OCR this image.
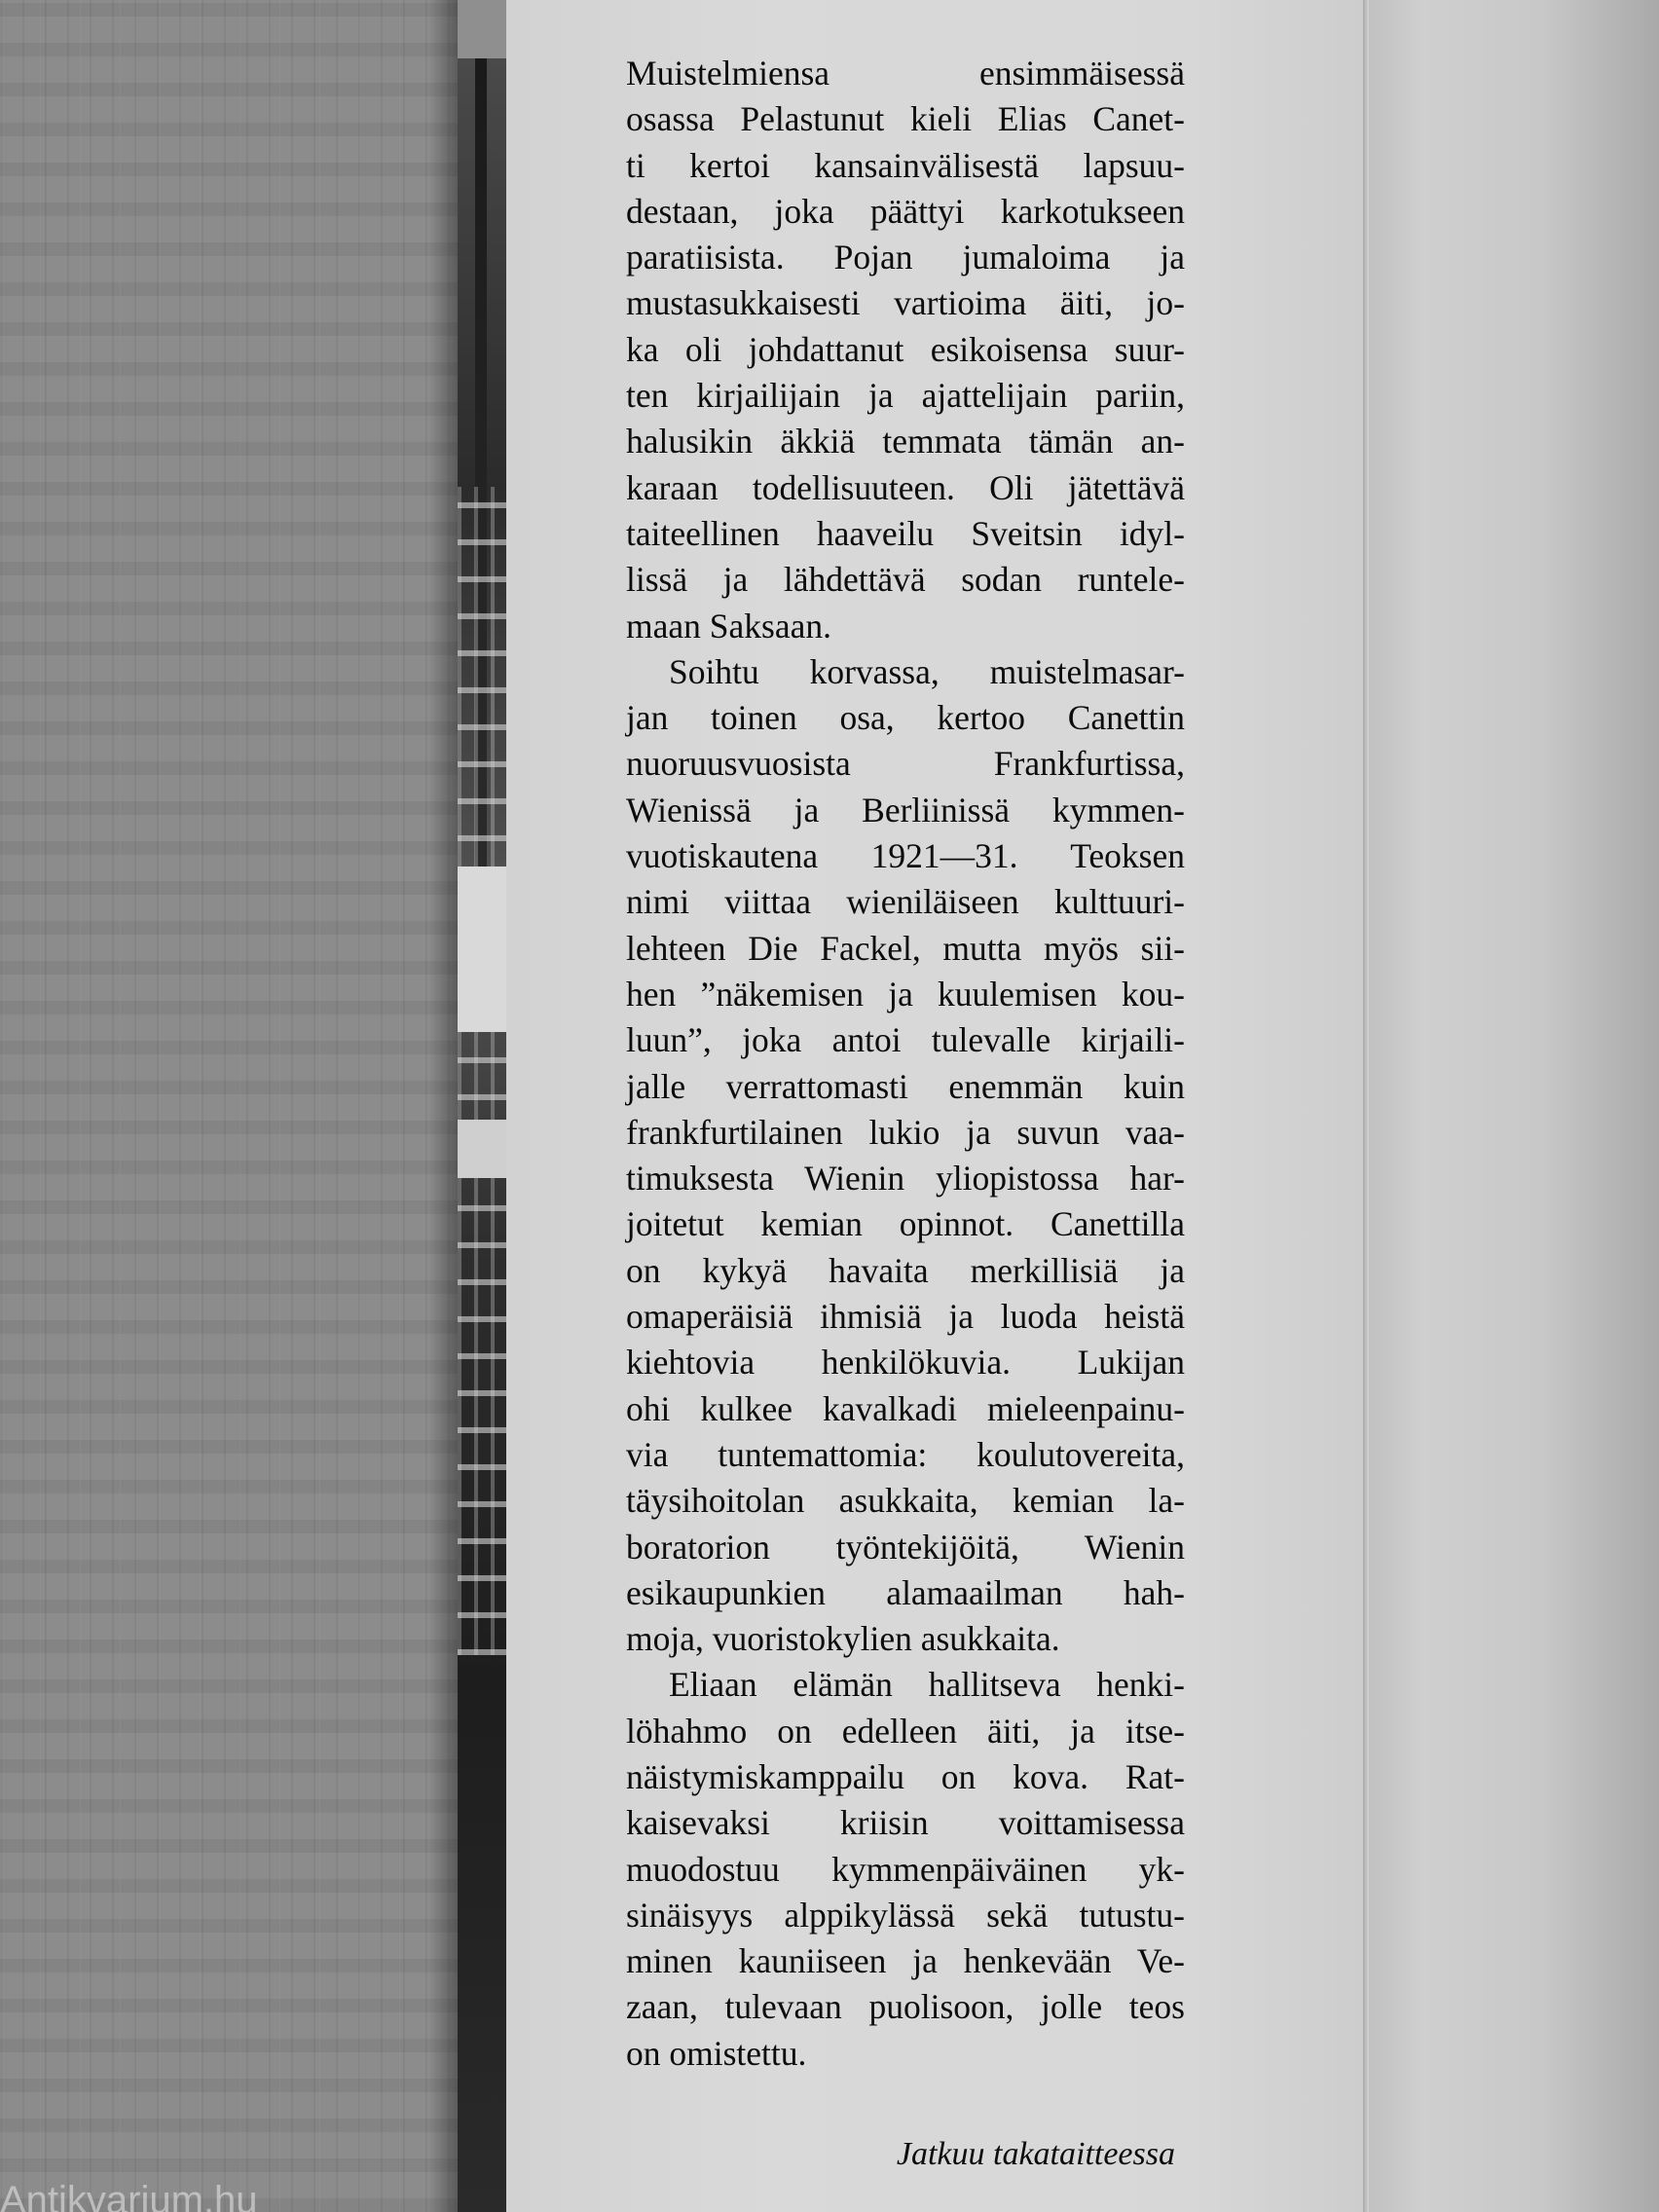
Muistelmiensa ensimmäisessä
osassa Pelastunut kieli Elias Canet-
ti kertoi kansainvälisestä lapsuu-
destaan, joka päättyi karkotukseen
paratiisista. Pojan jumaloima ja
mustasukkaisesti vartioima äiti, jo-
ka oli johdattanut esikoisensa suur-
ten kirjailijain ja ajattelijain pariin,
halusikin äkkiä temmata tämän an-
karaan todellisuuteen. Oli jätettävä
taiteellinen haaveilu Sveitsin idyl-
lissä ja lähdettävä sodan runtele-
maan Saksaan.

Soihtu korvassa, muistelmasar-
jan toinen osa, kertoo Canettin
nuoruusvuosista Frankfurtissa,
Wienissä ja Berliinissä kymmen-
vuotiskautena 1921—31. Teoksen
nimi viittaa wieniläiseen kulttuuri-
lehteen Die Fackel, mutta myös sii-
hen ”näkemisen ja kuulemisen kou-
luun”, joka antoi tulevalle kirjaili-
jalle verrattomasti enemmän kuin
frankfurtilainen lukio ja suvun vaa-
timuksesta Wienin yliopistossa har-
joitetut kemian opinnot. Canettilla
on kykyä havaita merkillisiä ja
omaperäisiä ihmisiä ja luoda heistä
kiehtovia henkilökuvia. Lukijan
ohi kulkee kavalkadi mieleenpainu-
via tuntemattomia: koulutovereita,
täysihoitolan asukkaita, kemian la-
boratorion työntekijöitä, Wienin
esikaupunkien alamaailman hah-
moja, vuoristokylien asukkaita.

Eliaan elämän hallitseva henki-
löhahmo on edelleen äiti, ja itse-
näistymiskamppailu on kova. Rat-
kaisevaksi kriisin voittamisessa
muodostuu kymmenpäiväinen yk-
sinäisyys alppikylässä sekä tutustu-
minen kauniiseen ja henkevään Ve-
zaan, tulevaan puolisoon, jolle teos
on omistettu.

Jatkuu takataitteessa
Antikvarium.hu
